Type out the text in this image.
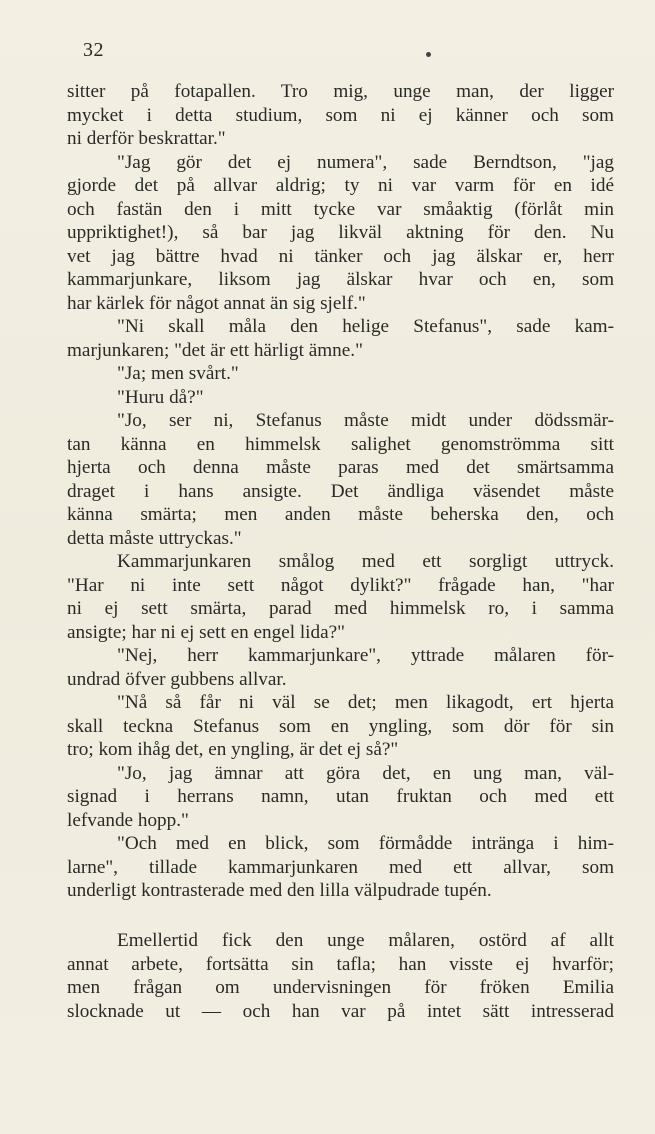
32
sitter på fotapallen. Tro mig, unge man, der ligger
mycket i detta studium, som ni ej känner och som
ni derför beskrattar."
"Jag gör det ej numera", sade Berndtson, "jag
gjorde det på allvar aldrig; ty ni var varm för en idé
och fastän den i mitt tycke var småaktig (förlåt min
uppriktighet!), så bar jag likväl aktning för den. Nu
vet jag bättre hvad ni tänker och jag älskar er, herr
kammarjunkare, liksom jag älskar hvar och en, som
har kärlek för något annat än sig sjelf."
"Ni skall måla den helige Stefanus", sade kam-
marjunkaren; "det är ett härligt ämne."
"Ja; men svårt."
"Huru då?"
"Jo, ser ni, Stefanus måste midt under dödssmär-
tan känna en himmelsk salighet genomströmma sitt
hjerta och denna måste paras med det smärtsamma
draget i hans ansigte. Det ändliga väsendet måste
känna smärta; men anden måste beherska den, och
detta måste uttryckas."
Kammarjunkaren smålog med ett sorgligt uttryck.
"Har ni inte sett något dylikt?" frågade han, "har
ni ej sett smärta, parad med himmelsk ro, i samma
ansigte; har ni ej sett en engel lida?"
"Nej, herr kammarjunkare", yttrade målaren för-
undrad öfver gubbens allvar.
"Nå så får ni väl se det; men likagodt, ert hjerta
skall teckna Stefanus som en yngling, som dör för sin
tro; kom ihåg det, en yngling, är det ej så?"
"Jo, jag ämnar att göra det, en ung man, väl-
signad i herrans namn, utan fruktan och med ett
lefvande hopp."
"Och med en blick, som förmådde intränga i him-
larne", tillade kammarjunkaren med ett allvar, som
underligt kontrasterade med den lilla välpudrade tupén.
Emellertid fick den unge målaren, ostörd af allt
annat arbete, fortsätta sin tafla; han visste ej hvarför;
men frågan om undervisningen för fröken Emilia
slocknade ut — och han var på intet sätt intresserad
